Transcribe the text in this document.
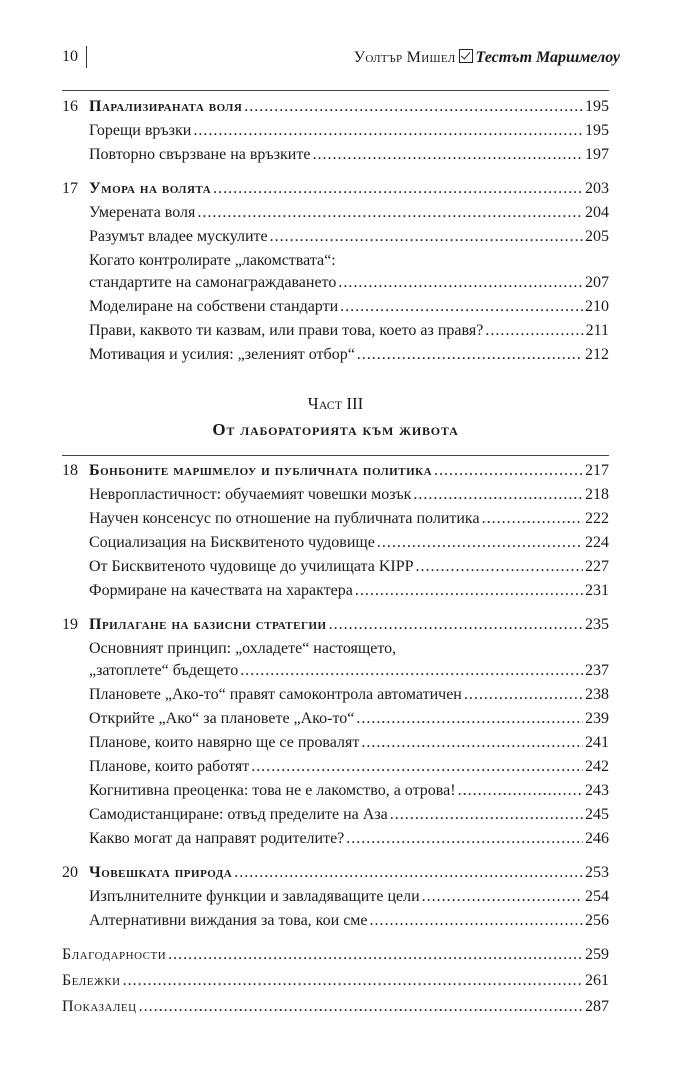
10	Уолтър Мишел Тестът Маршмелоу
16 Парализираната воля .....	195
Горещи връзки .....	195
Повторно свързване на връзките .....	197
17 Умора на волята .....	203
Умерената воля .....	204
Разумът владее мускулите .....	205
Когато контролирате „лакомствата“:
стандартите на самонаграждаването .....	207
Моделиране на собствени стандарти .....	210
Прави, каквото ти казвам, или прави това, което аз правя? .....	211
Мотивация и усилия: „зеленият отбор“ .....	212
Част III
От лабораторията към живота
18 Бонбоните маршмелоу и публичната политика .....	217
Невропластичност: обучаемият човешки мозък .....	218
Научен консенсус по отношение на публичната политика .....	222
Социализация на Бисквитеното чудовище .....	224
От Бисквитеното чудовище до училищата KIPP .....	227
Формиране на качествата на характера .....	231
19 Прилагане на базисни стратегии .....	235
Основният принцип: „охладете“ настоящето,
„затоплете“ бъдещето .....	237
Плановете „Ако-то“ правят самоконтрола автоматичен .....	238
Открийте „Ако“ за плановете „Ако-то“ .....	239
Планове, които навярно ще се провалят .....	241
Планове, които работят .....	242
Когнитивна преоценка: това не е лакомство, а отрова! .....	243
Самодистанциране: отвъд пределите на Аза .....	245
Какво могат да направят родителите? .....	246
20 Човешката природа .....	253
Изпълнителните функции и завладяващите цели .....	254
Алтернативни виждания за това, кои сме .....	256
Благодарности .....	259
Бележки .....	261
Показалец .....	287
